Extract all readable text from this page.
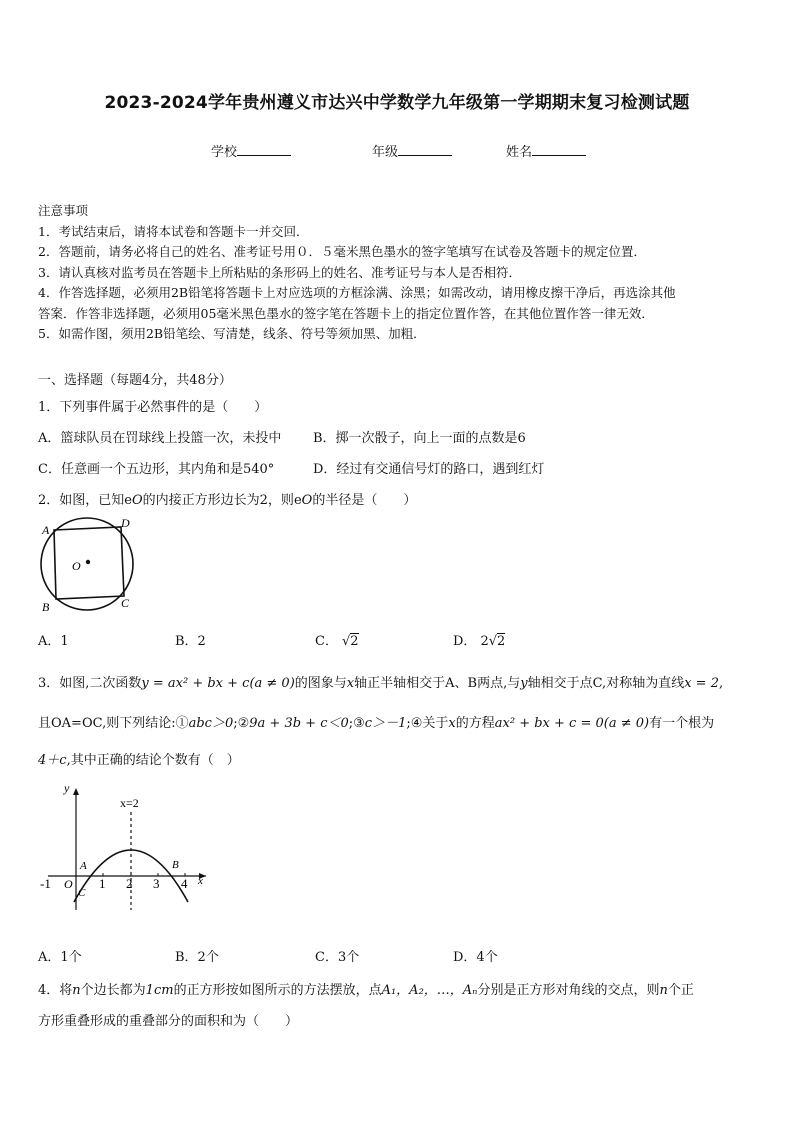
2023-2024学年贵州遵义市达兴中学数学九年级第一学期期末复习检测试题
学校	年级	姓名
注意事项
1．考试结束后，请将本试卷和答题卡一并交回．
2．答题前，请务必将自己的姓名、准考证号用０．５毫米黑色墨水的签字笔填写在试卷及答题卡的规定位置．
3．请认真核对监考员在答题卡上所粘贴的条形码上的姓名、准考证号与本人是否相符．
4．作答选择题，必须用2B铅笔将答题卡上对应选项的方框涂满、涂黑；如需改动，请用橡皮擦干净后，再选涂其他
答案．作答非选择题，必须用05毫米黑色墨水的签字笔在答题卡上的指定位置作答，在其他位置作答一律无效．
5．如需作图，须用2B铅笔绘、写清楚，线条、符号等须加黑、加粗．
一、选择题（每题4分，共48分）
1．下列事件属于必然事件的是（　　）
A．篮球队员在罚球线上投篮一次，未投中 B．掷一次骰子，向上一面的点数是6
C．任意画一个五边形，其内角和是540°	D．经过有交通信号灯的路口，遇到红灯
2．如图，已知eO的内接正方形边长为2，则eO的半径是（　　）
A	D
O
B	C
A．1	B．2	C． √2	D． 2√2
3．如图,二次函数y = ax² + bx + c(a ≠ 0)的图象与x轴正半轴相交于A、B两点,与y轴相交于点C,对称轴为直线x = 2,
且OA=OC,则下列结论:①abc＞0;②9a + 3b + c＜0;③c＞－1;④关于x的方程ax² + bx + c = 0(a ≠ 0)有一个根为
4＋c,其中正确的结论个数有（　）
y
x
x=2
-1	1 2 3 4
O
A	B
C
A．1个	B．2个	C．3个	D．4个
4．将n个边长都为1cm的正方形按如图所示的方法摆放，点A₁，A₂，…，Aₙ分别是正方形对角线的交点，则n个正
方形重叠形成的重叠部分的面积和为（　　）
